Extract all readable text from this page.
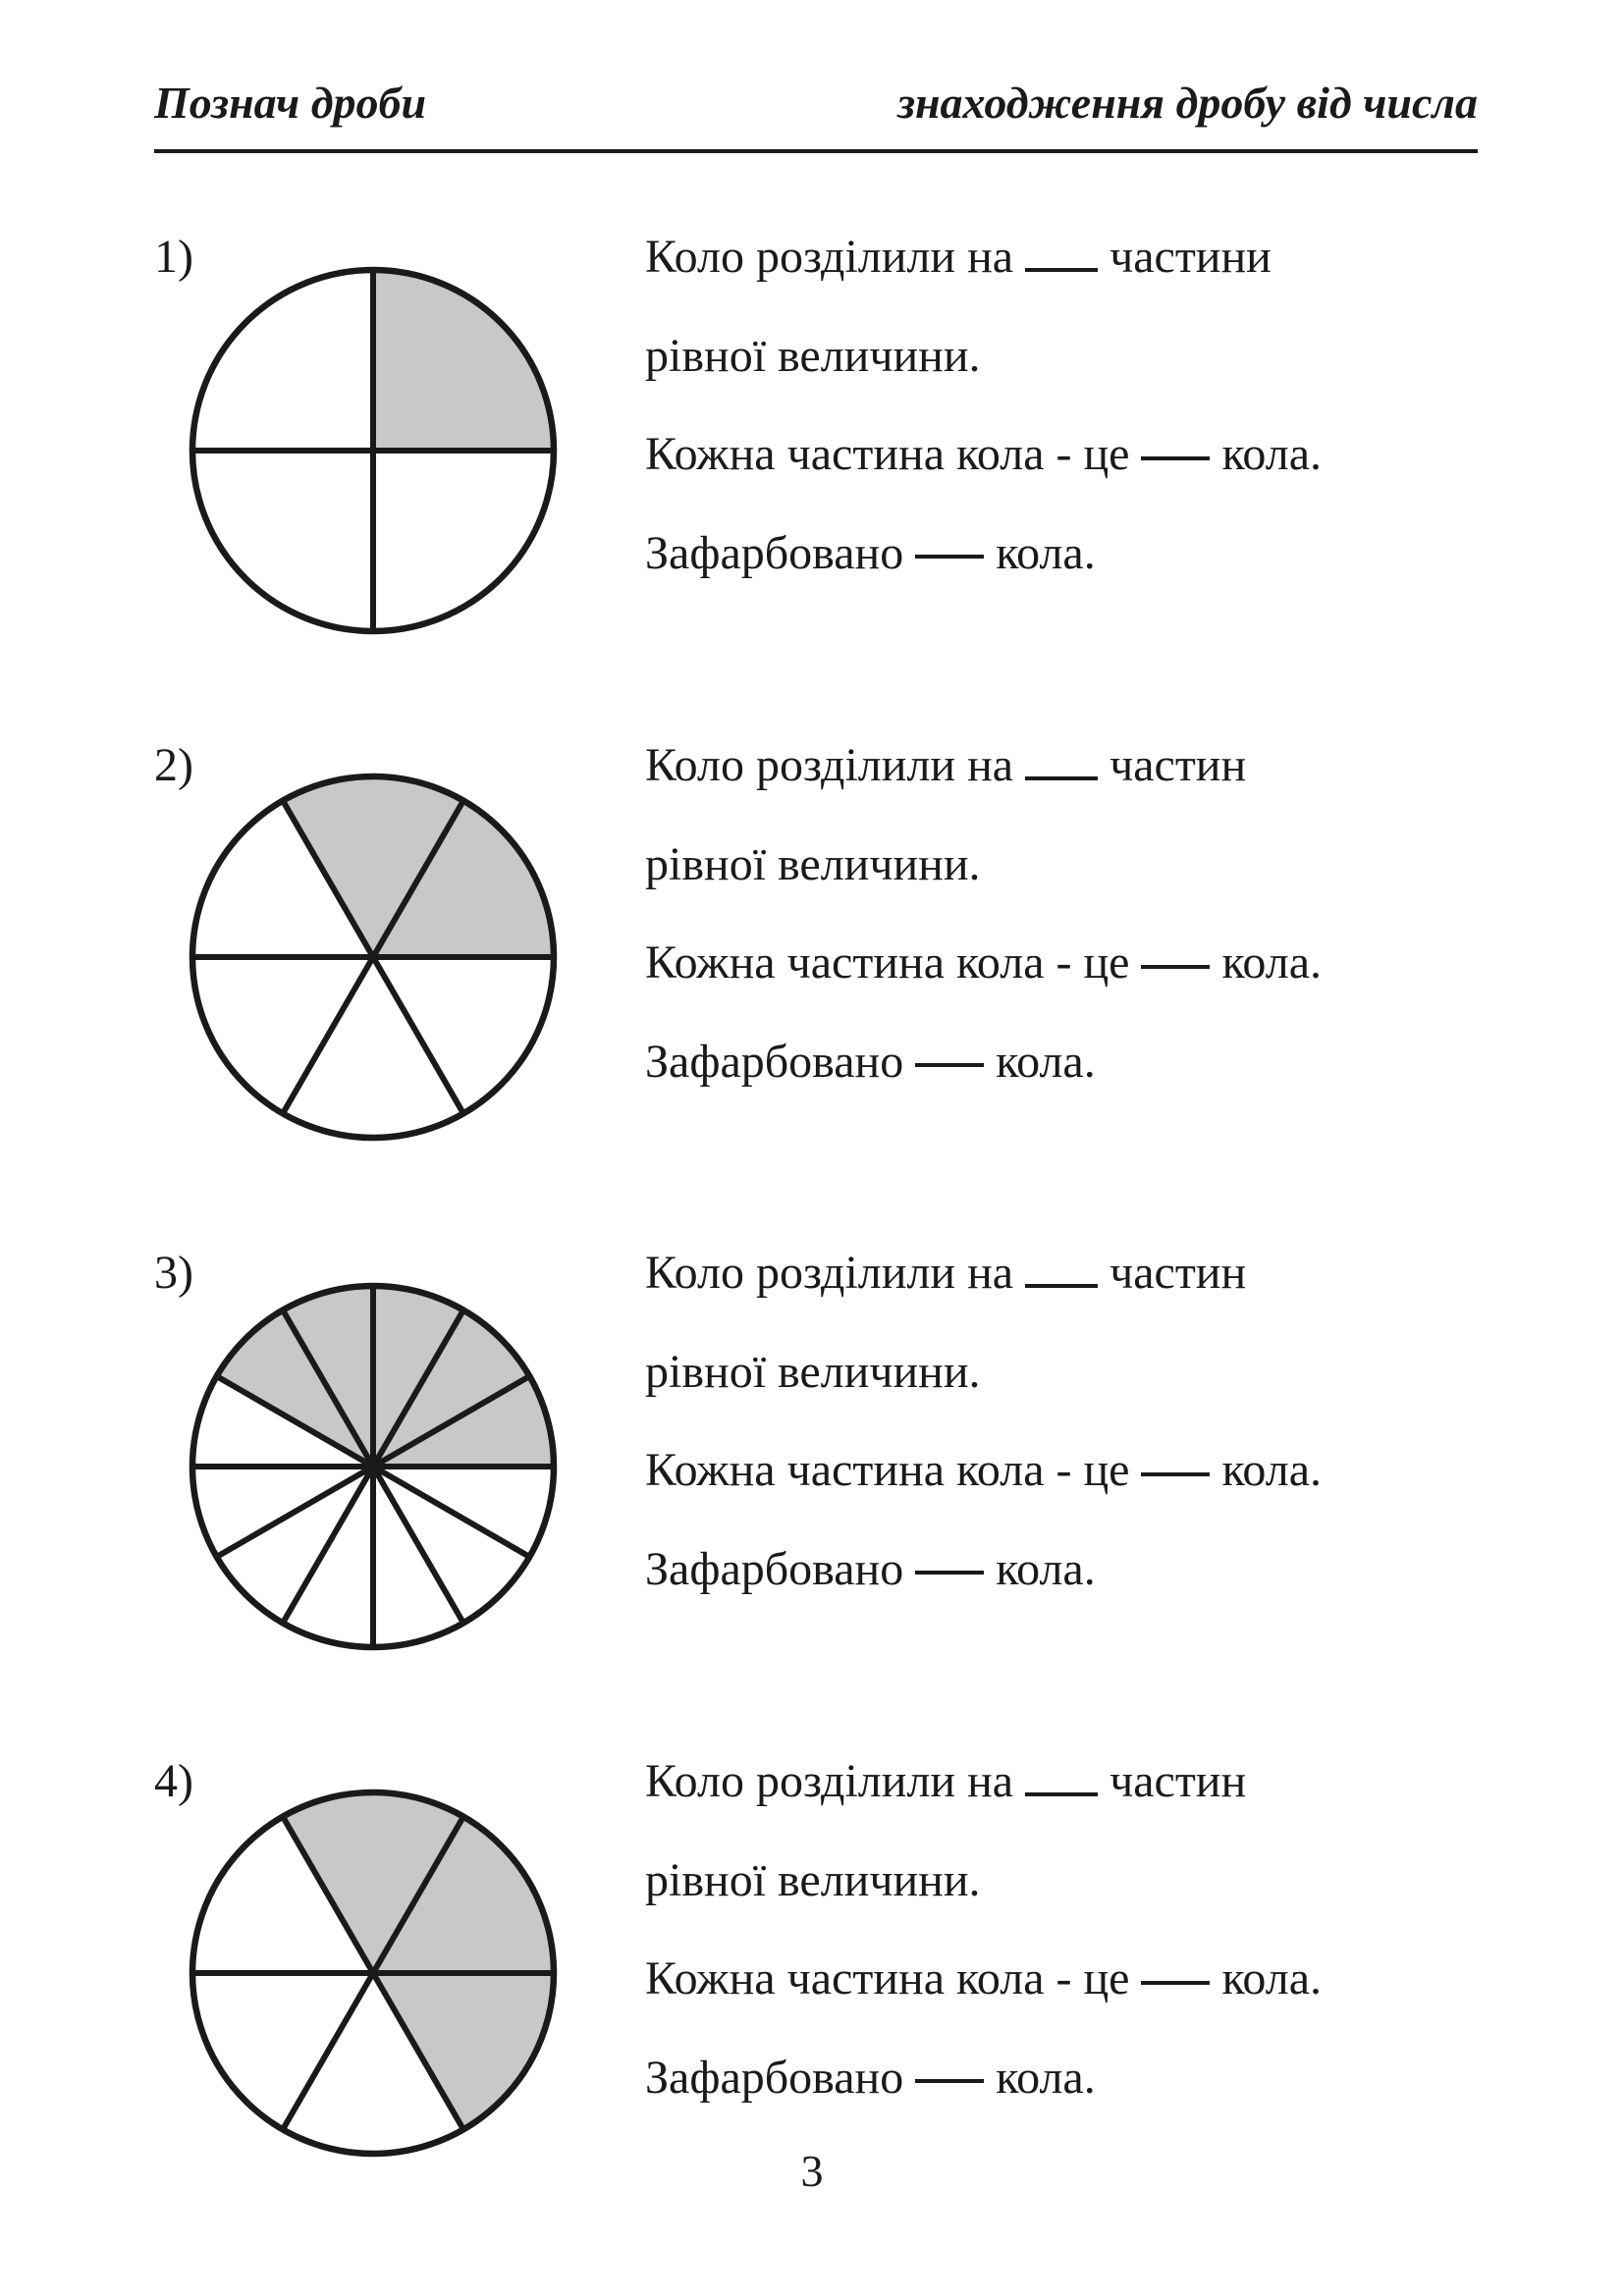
Познач дроби	знаходження дробу від числа
1)	Коло розділили на частини
рівної величини.
Кожна частина кола - це кола.
Зафарбовано кола.
2)	Коло розділили на частин
рівної величини.
Кожна частина кола - це кола.
Зафарбовано кола.
3)	Коло розділили на частин
рівної величини.
Кожна частина кола - це кола.
Зафарбовано кола.
4)	Коло розділили на частин
рівної величини.
Кожна частина кола - це кола.
Зафарбовано кола.
3
